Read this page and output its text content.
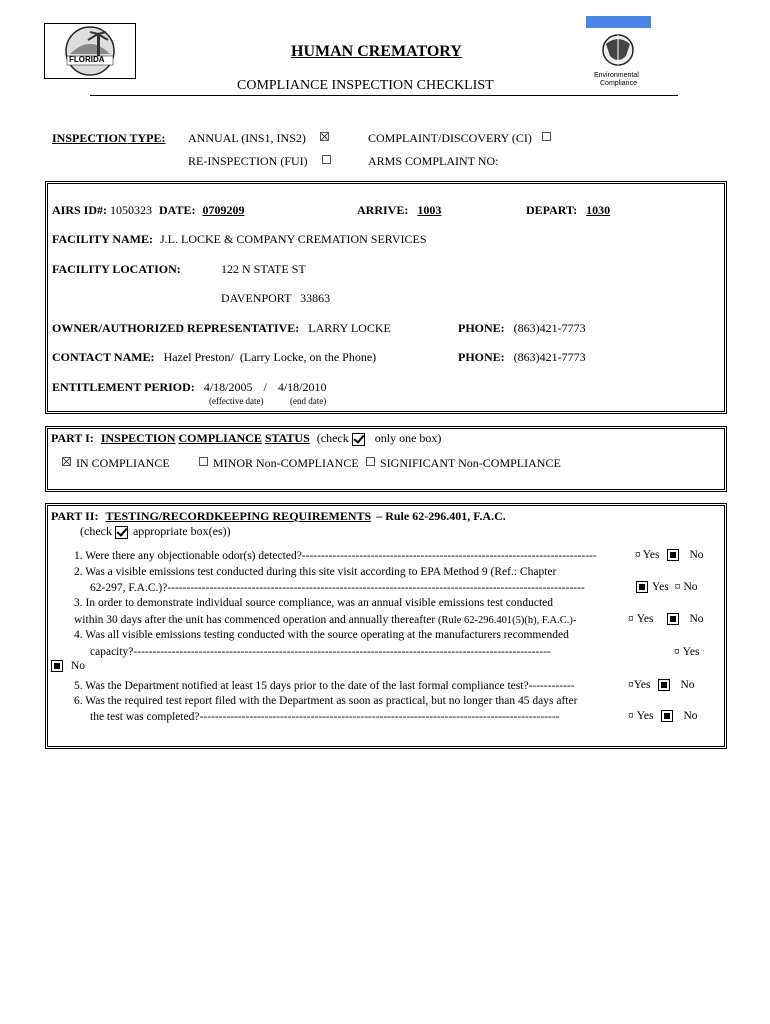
FLORIDA
Environmental
Compliance
HUMAN CREMATORY
COMPLIANCE INSPECTION CHECKLIST
INSPECTION TYPE: ANNUAL (INS1, INS2)	COMPLAINT/DISCOVERY (CI)
RE-INSPECTION (FUI)	ARMS COMPLAINT NO:
AIRS ID#: 1050323 DATE: 0709209	ARRIVE: 1003	DEPART: 1030
FACILITY NAME: J.L. LOCKE & COMPANY CREMATION SERVICES
FACILITY LOCATION:	122 N STATE ST
DAVENPORT   33863
OWNER/AUTHORIZED REPRESENTATIVE: LARRY LOCKE	PHONE: (863)421-7773
CONTACT NAME: Hazel Preston/  (Larry Locke, on the Phone)	PHONE: (863)421-7773
ENTITLEMENT PERIOD: 4/18/2005 / 4/18/2010
(effective date)	(end date)
PART I: INSPECTION COMPLIANCE STATUS (check only one box)
IN COMPLIANCE	MINOR Non-COMPLIANCE	SIGNIFICANT Non-COMPLIANCE
PART II: TESTING/RECORDKEEPING REQUIREMENTS – Rule 62-296.401, F.A.C.
(check appropriate box(es))
1. Were there any objectionable odor(s) detected?-----------------------------------------------------------------------------	¤ Yes	No
2. Was a visible emissions test conducted during this site visit according to EPA Method 9 (Ref.: Chapter
62-297, F.A.C.)?-------------------------------------------------------------------------------------------------------------	Yes ¤ No
3. In order to demonstrate individual source compliance, was an annual visible emissions test conducted
within 30 days after the unit has commenced operation and annually thereafter (Rule 62-296.401(5)(h), F.A.C.)-	¤ Yes	No
4. Was all visible emissions testing conducted with the source operating at the manufacturers recommended
capacity?-------------------------------------------------------------------------------------------------------------	¤ Yes
No
5. Was the Department notified at least 15 days prior to the date of the last formal compliance test?------------	¤Yes	No
6. Was the required test report filed with the Department as soon as practical, but no longer than 45 days after
the test was completed?----------------------------------------------------------------------------------------------	¤ Yes	No
